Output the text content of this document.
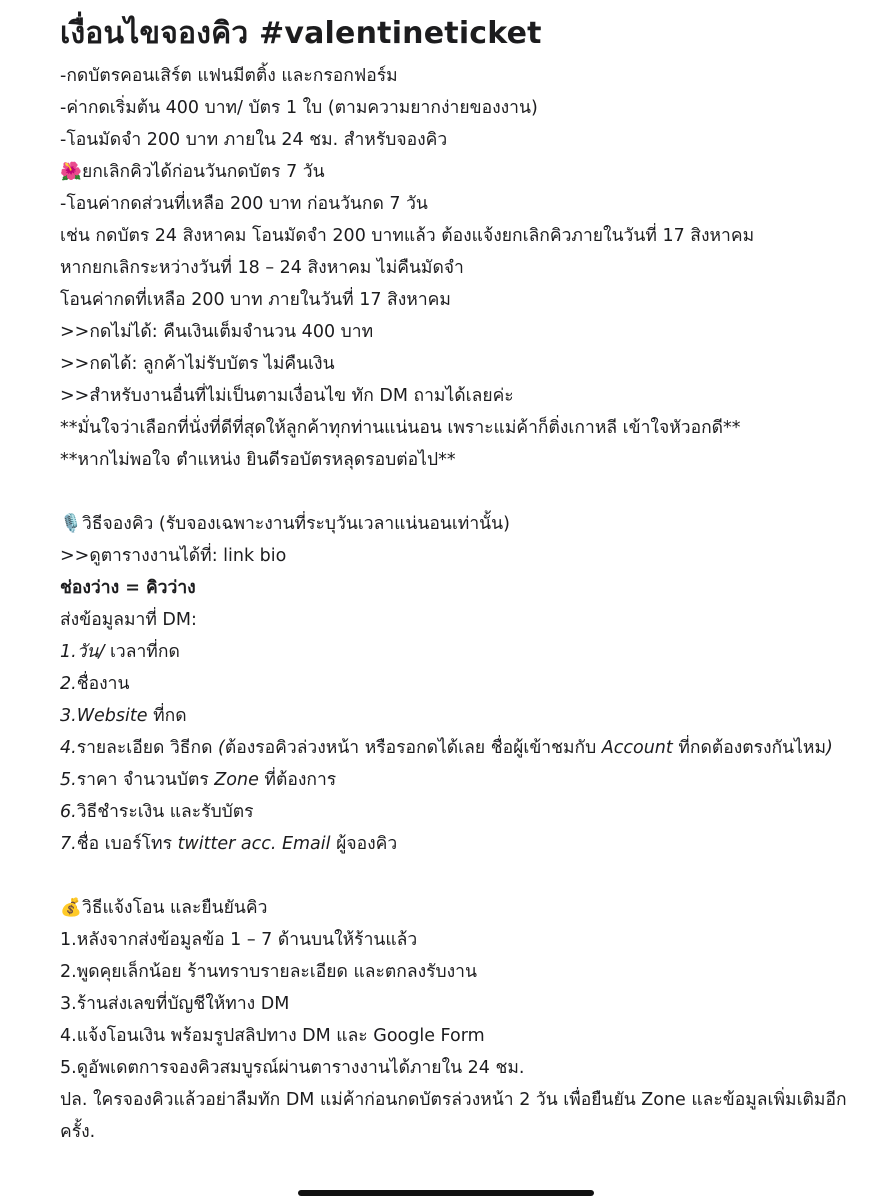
เงื่อนไขจองคิว #valentineticket
-กดบัตรคอนเสิร์ต แฟนมีตติ้ง และกรอกฟอร์ม
-ค่ากดเริ่มต้น 400 บาท/ บัตร 1 ใบ (ตามความยากง่ายของงาน)
-โอนมัดจำ 200 บาท ภายใน 24 ชม. สำหรับจองคิว
🌺ยกเลิกคิวได้ก่อนวันกดบัตร 7 วัน
-โอนค่ากดส่วนที่เหลือ 200 บาท ก่อนวันกด 7 วัน
เช่น กดบัตร 24 สิงหาคม โอนมัดจำ 200 บาทแล้ว ต้องแจ้งยกเลิกคิวภายในวันที่ 17 สิงหาคม
หากยกเลิกระหว่างวันที่ 18 – 24 สิงหาคม ไม่คืนมัดจำ
โอนค่ากดที่เหลือ 200 บาท ภายในวันที่ 17 สิงหาคม
>>กดไม่ได้: คืนเงินเต็มจำนวน 400 บาท
>>กดได้: ลูกค้าไม่รับบัตร ไม่คืนเงิน
>>สำหรับงานอื่นที่ไม่เป็นตามเงื่อนไข ทัก DM ถามได้เลยค่ะ
**มั่นใจว่าเลือกที่นั่งที่ดีที่สุดให้ลูกค้าทุกท่านแน่นอน เพราะแม่ค้าก็ติ่งเกาหลี เข้าใจหัวอกดี**
**หากไม่พอใจ ตำแหน่ง ยินดีรอบัตรหลุดรอบต่อไป**
🎙️วิธีจองคิว (รับจองเฉพาะงานที่ระบุวันเวลาแน่นอนเท่านั้น)
>>ดูตารางงานได้ที่: link bio
ช่องว่าง = คิวว่าง
ส่งข้อมูลมาที่ DM:
1.วัน/ เวลาที่กด
2.ชื่องาน
3.Website ที่กด
4.รายละเอียด วิธีกด (ต้องรอคิวล่วงหน้า หรือรอกดได้เลย ชื่อผู้เข้าชมกับ Account ที่กดต้องตรงกันไหม)
5.ราคา จำนวนบัตร Zone ที่ต้องการ
6.วิธีชำระเงิน และรับบัตร
7.ชื่อ เบอร์โทร twitter acc. Email ผู้จองคิว
💰วิธีแจ้งโอน และยืนยันคิว
1.หลังจากส่งข้อมูลข้อ 1 – 7 ด้านบนให้ร้านแล้ว
2.พูดคุยเล็กน้อย ร้านทราบรายละเอียด และตกลงรับงาน
3.ร้านส่งเลขที่บัญชีให้ทาง DM
4.แจ้งโอนเงิน พร้อมรูปสลิปทาง DM และ Google Form
5.ดูอัพเดตการจองคิวสมบูรณ์ผ่านตารางงานได้ภายใน 24 ชม.
ปล. ใครจองคิวแล้วอย่าลืมทัก DM แม่ค้าก่อนกดบัตรล่วงหน้า 2 วัน เพื่อยืนยัน Zone และข้อมูลเพิ่มเติมอีกครั้ง.
